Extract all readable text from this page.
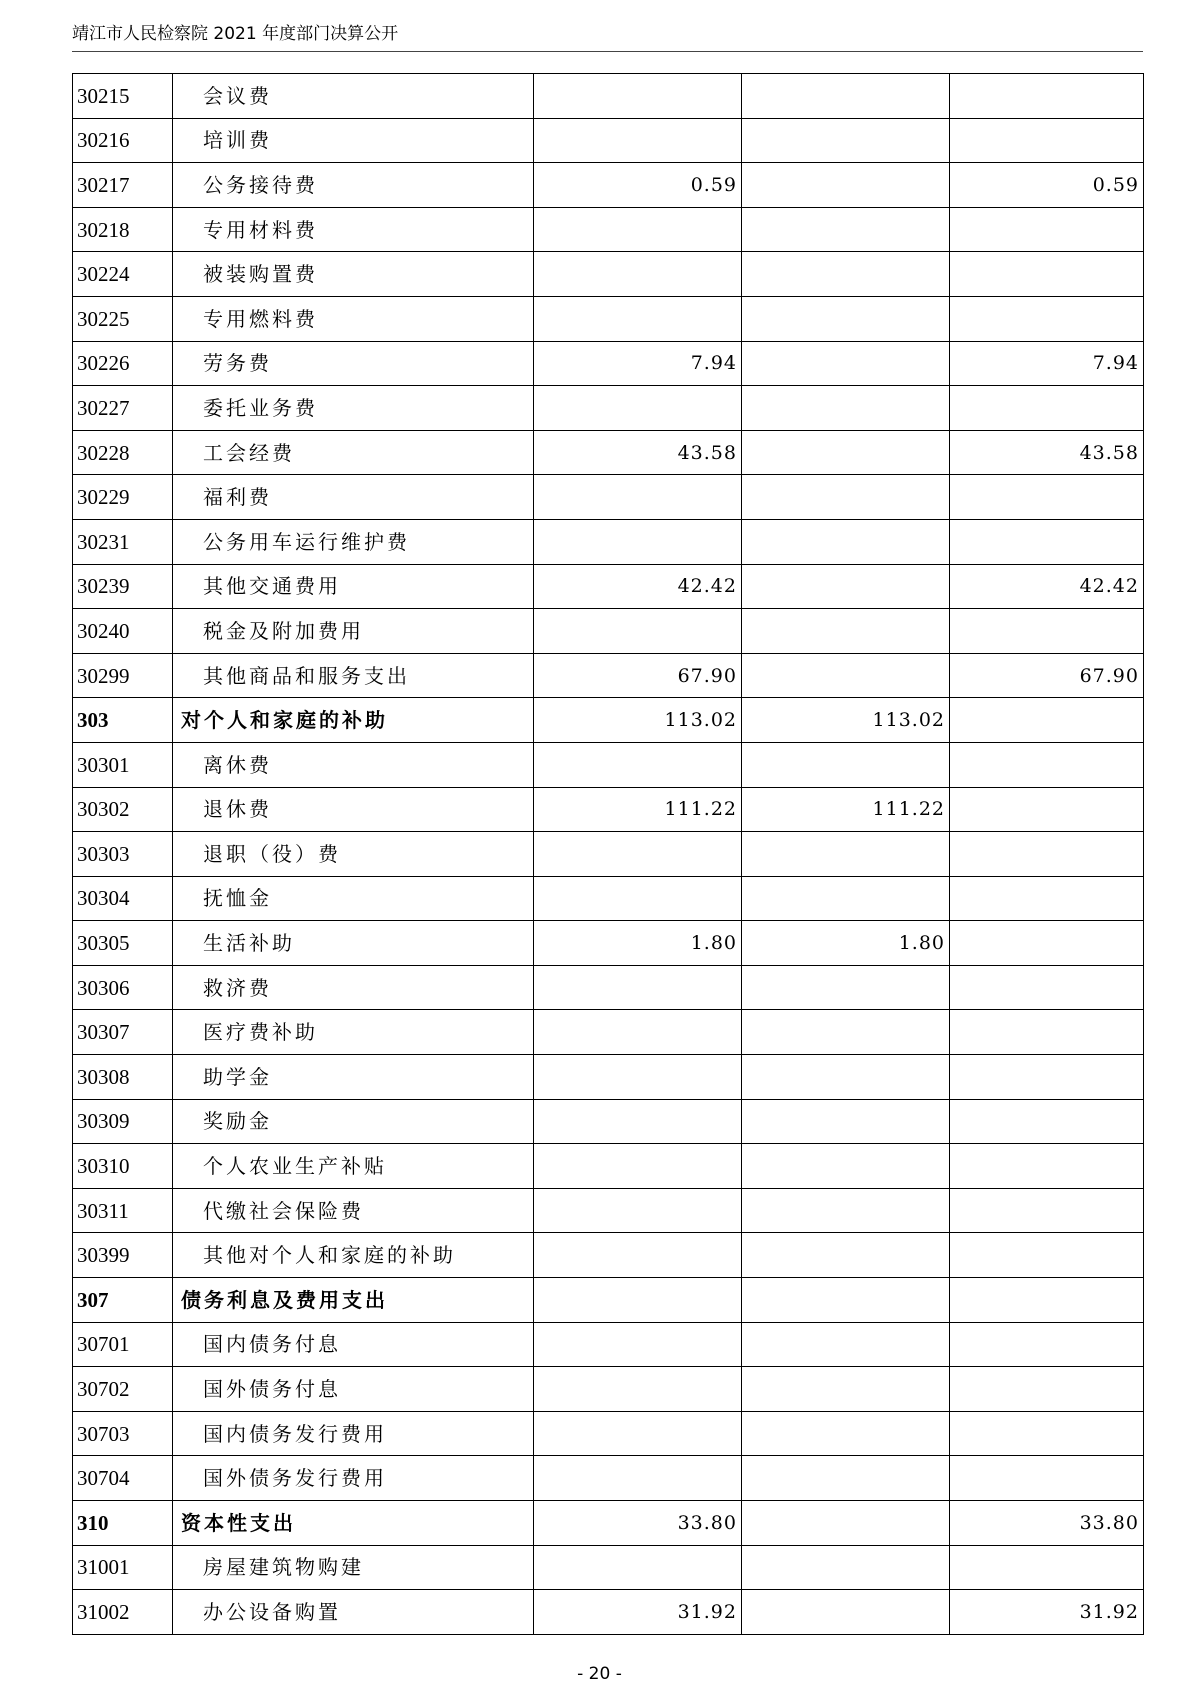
靖江市人民检察院 2021 年度部门决算公开
30215	会议费			
30216	培训费			
30217	公务接待费	0.59		0.59
30218	专用材料费			
30224	被装购置费			
30225	专用燃料费			
30226	劳务费	7.94		7.94
30227	委托业务费			
30228	工会经费	43.58		43.58
30229	福利费			
30231	公务用车运行维护费			
30239	其他交通费用	42.42		42.42
30240	税金及附加费用			
30299	其他商品和服务支出	67.90		67.90
303	对个人和家庭的补助	113.02	113.02	
30301	离休费			
30302	退休费	111.22	111.22	
30303	退职（役）费			
30304	抚恤金			
30305	生活补助	1.80	1.80	
30306	救济费			
30307	医疗费补助			
30308	助学金			
30309	奖励金			
30310	个人农业生产补贴			
30311	代缴社会保险费			
30399	其他对个人和家庭的补助			
307	债务利息及费用支出			
30701	国内债务付息			
30702	国外债务付息			
30703	国内债务发行费用			
30704	国外债务发行费用			
310	资本性支出	33.80		33.80
31001	房屋建筑物购建			
31002	办公设备购置	31.92		31.92
- 20 -
